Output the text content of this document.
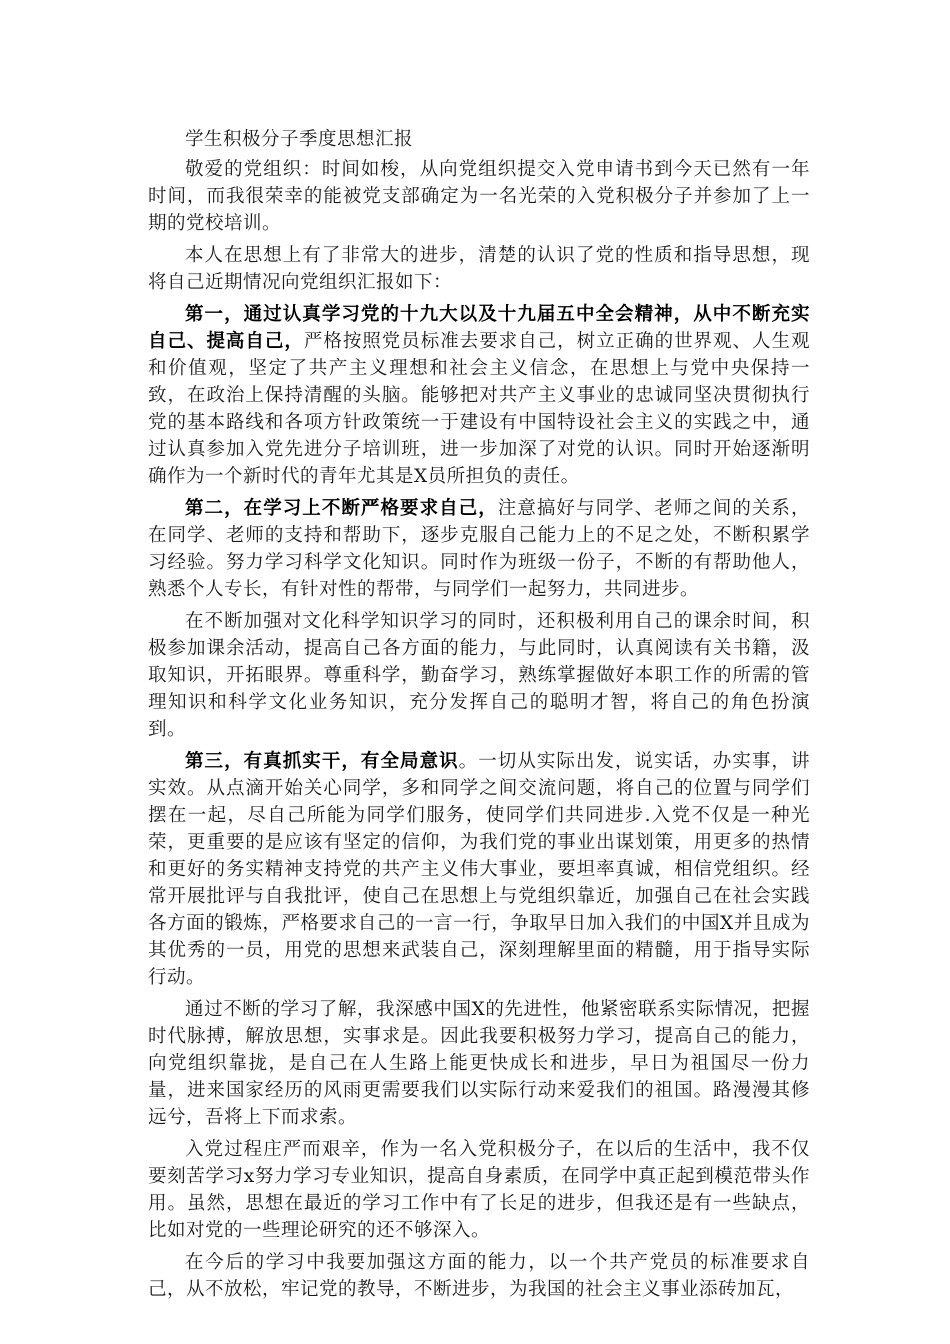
学生积极分子季度思想汇报

敬爱的党组织：时间如梭，从向党组织提交入党申请书到今天已然有一年时间，而我很荣幸的能被党支部确定为一名光荣的入党积极分子并参加了上一期的党校培训。

本人在思想上有了非常大的进步，清楚的认识了党的性质和指导思想，现将自己近期情况向党组织汇报如下：

第一，通过认真学习党的十九大以及十九届五中全会精神，从中不断充实自己、提高自己，严格按照党员标准去要求自己，树立正确的世界观、人生观和价值观，坚定了共产主义理想和社会主义信念，在思想上与党中央保持一致，在政治上保持清醒的头脑。能够把对共产主义事业的忠诚同坚决贯彻执行党的基本路线和各项方针政策统一于建设有中国特设社会主义的实践之中，通过认真参加入党先进分子培训班，进一步加深了对党的认识。同时开始逐渐明确作为一个新时代的青年尤其是X员所担负的责任。

第二，在学习上不断严格要求自己，注意搞好与同学、老师之间的关系，在同学、老师的支持和帮助下，逐步克服自己能力上的不足之处，不断积累学习经验。努力学习科学文化知识。同时作为班级一份子，不断的有帮助他人，熟悉个人专长，有针对性的帮带，与同学们一起努力，共同进步。

在不断加强对文化科学知识学习的同时，还积极利用自己的课余时间，积极参加课余活动，提高自己各方面的能力，与此同时，认真阅读有关书籍，汲取知识，开拓眼界。尊重科学，勤奋学习，熟练掌握做好本职工作的所需的管理知识和科学文化业务知识，充分发挥自己的聪明才智，将自己的角色扮演到。

第三，有真抓实干，有全局意识。一切从实际出发，说实话，办实事，讲实效。从点滴开始关心同学，多和同学之间交流问题，将自己的位置与同学们摆在一起，尽自己所能为同学们服务，使同学们共同进步.入党不仅是一种光荣，更重要的是应该有坚定的信仰，为我们党的事业出谋划策，用更多的热情和更好的务实精神支持党的共产主义伟大事业，要坦率真诚，相信党组织。经常开展批评与自我批评，使自己在思想上与党组织靠近，加强自己在社会实践各方面的锻炼，严格要求自己的一言一行，争取早日加入我们的中国X并且成为其优秀的一员，用党的思想来武装自己，深刻理解里面的精髓，用于指导实际行动。

通过不断的学习了解，我深感中国X的先进性，他紧密联系实际情况，把握时代脉搏，解放思想，实事求是。因此我要积极努力学习，提高自己的能力，向党组织靠拢，是自己在人生路上能更快成长和进步，早日为祖国尽一份力量，进来国家经历的风雨更需要我们以实际行动来爱我们的祖国。路漫漫其修远兮，吾将上下而求索。

入党过程庄严而艰辛，作为一名入党积极分子，在以后的生活中，我不仅要刻苦学习x努力学习专业知识，提高自身素质，在同学中真正起到模范带头作用。虽然，思想在最近的学习工作中有了长足的进步，但我还是有一些缺点，比如对党的一些理论研究的还不够深入。

在今后的学习中我要加强这方面的能力，以一个共产党员的标准要求自己，从不放松，牢记党的教导，不断进步，为我国的社会主义事业添砖加瓦，
